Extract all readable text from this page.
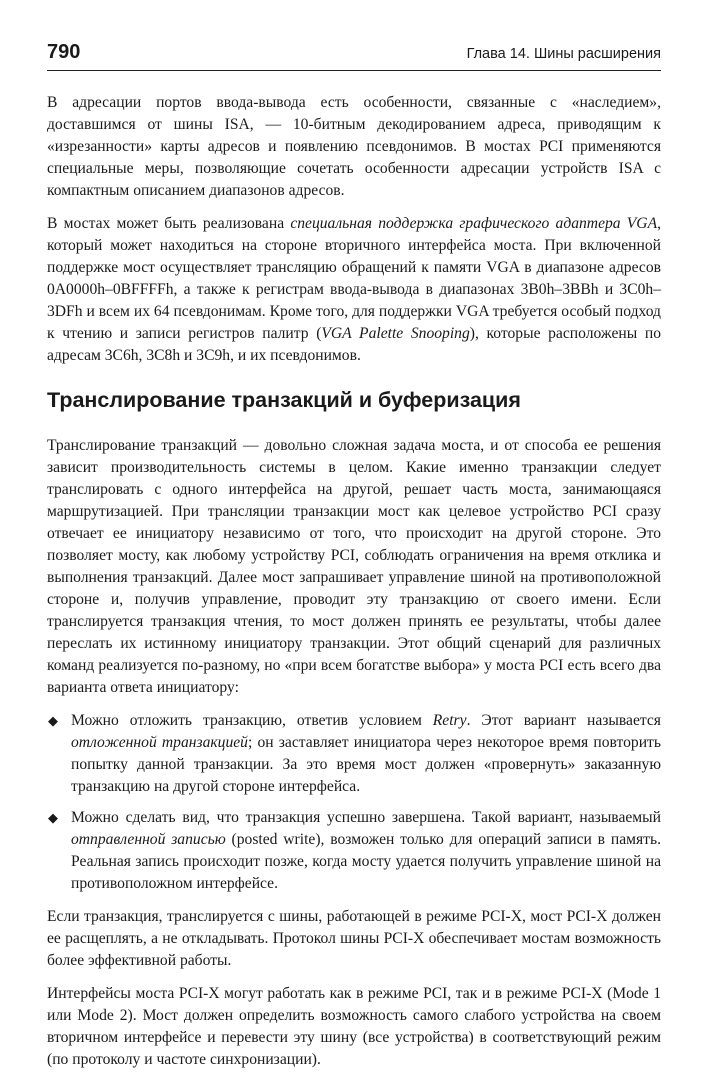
790	Глава 14. Шины расширения

В адресации портов ввода-вывода есть особенности, связанные с «наследием», доставшимся от шины ISA, — 10-битным декодированием адреса, приводящим к «изрезанности» карты адресов и появлению псевдонимов. В мостах PCI применяются специальные меры, позволяющие сочетать особенности адресации устройств ISA с компактным описанием диапазонов адресов.

В мостах может быть реализована специальная поддержка графического адаптера VGA, который может находиться на стороне вторичного интерфейса моста. При включенной поддержке мост осуществляет трансляцию обращений к памяти VGA в диапазоне адресов 0A0000h–0BFFFFh, а также к регистрам ввода-вывода в диапазонах 3B0h–3BBh и 3C0h–3DFh и всем их 64 псевдонимам. Кроме того, для поддержки VGA требуется особый подход к чтению и записи регистров палитр (VGA Palette Snooping), которые расположены по адресам 3C6h, 3C8h и 3C9h, и их псевдонимов.

Транслирование транзакций и буферизация

Транслирование транзакций — довольно сложная задача моста, и от способа ее решения зависит производительность системы в целом. Какие именно транзакции следует транслировать с одного интерфейса на другой, решает часть моста, занимающаяся маршрутизацией. При трансляции транзакции мост как целевое устройство PCI сразу отвечает ее инициатору независимо от того, что происходит на другой стороне. Это позволяет мосту, как любому устройству PCI, соблюдать ограничения на время отклика и выполнения транзакций. Далее мост запрашивает управление шиной на противоположной стороне и, получив управление, проводит эту транзакцию от своего имени. Если транслируется транзакция чтения, то мост должен принять ее результаты, чтобы далее переслать их истинному инициатору транзакции. Этот общий сценарий для различных команд реализуется по-разному, но «при всем богатстве выбора» у моста PCI есть всего два варианта ответа инициатору:

◆ Можно отложить транзакцию, ответив условием Retry. Этот вариант называется отложенной транзакцией; он заставляет инициатора через некоторое время повторить попытку данной транзакции. За это время мост должен «провернуть» заказанную транзакцию на другой стороне интерфейса.
◆ Можно сделать вид, что транзакция успешно завершена. Такой вариант, называемый отправленной записью (posted write), возможен только для операций записи в память. Реальная запись происходит позже, когда мосту удается получить управление шиной на противоположном интерфейсе.

Если транзакция, транслируется с шины, работающей в режиме PCI-X, мост PCI-X должен ее расщеплять, а не откладывать. Протокол шины PCI-X обеспечивает мостам возможность более эффективной работы.

Интерфейсы моста PCI-X могут работать как в режиме PCI, так и в режиме PCI-X (Mode 1 или Mode 2). Мост должен определить возможность самого слабого устройства на своем вторичном интерфейсе и перевести эту шину (все устройства) в соответствующий режим (по протоколу и частоте синхронизации).
